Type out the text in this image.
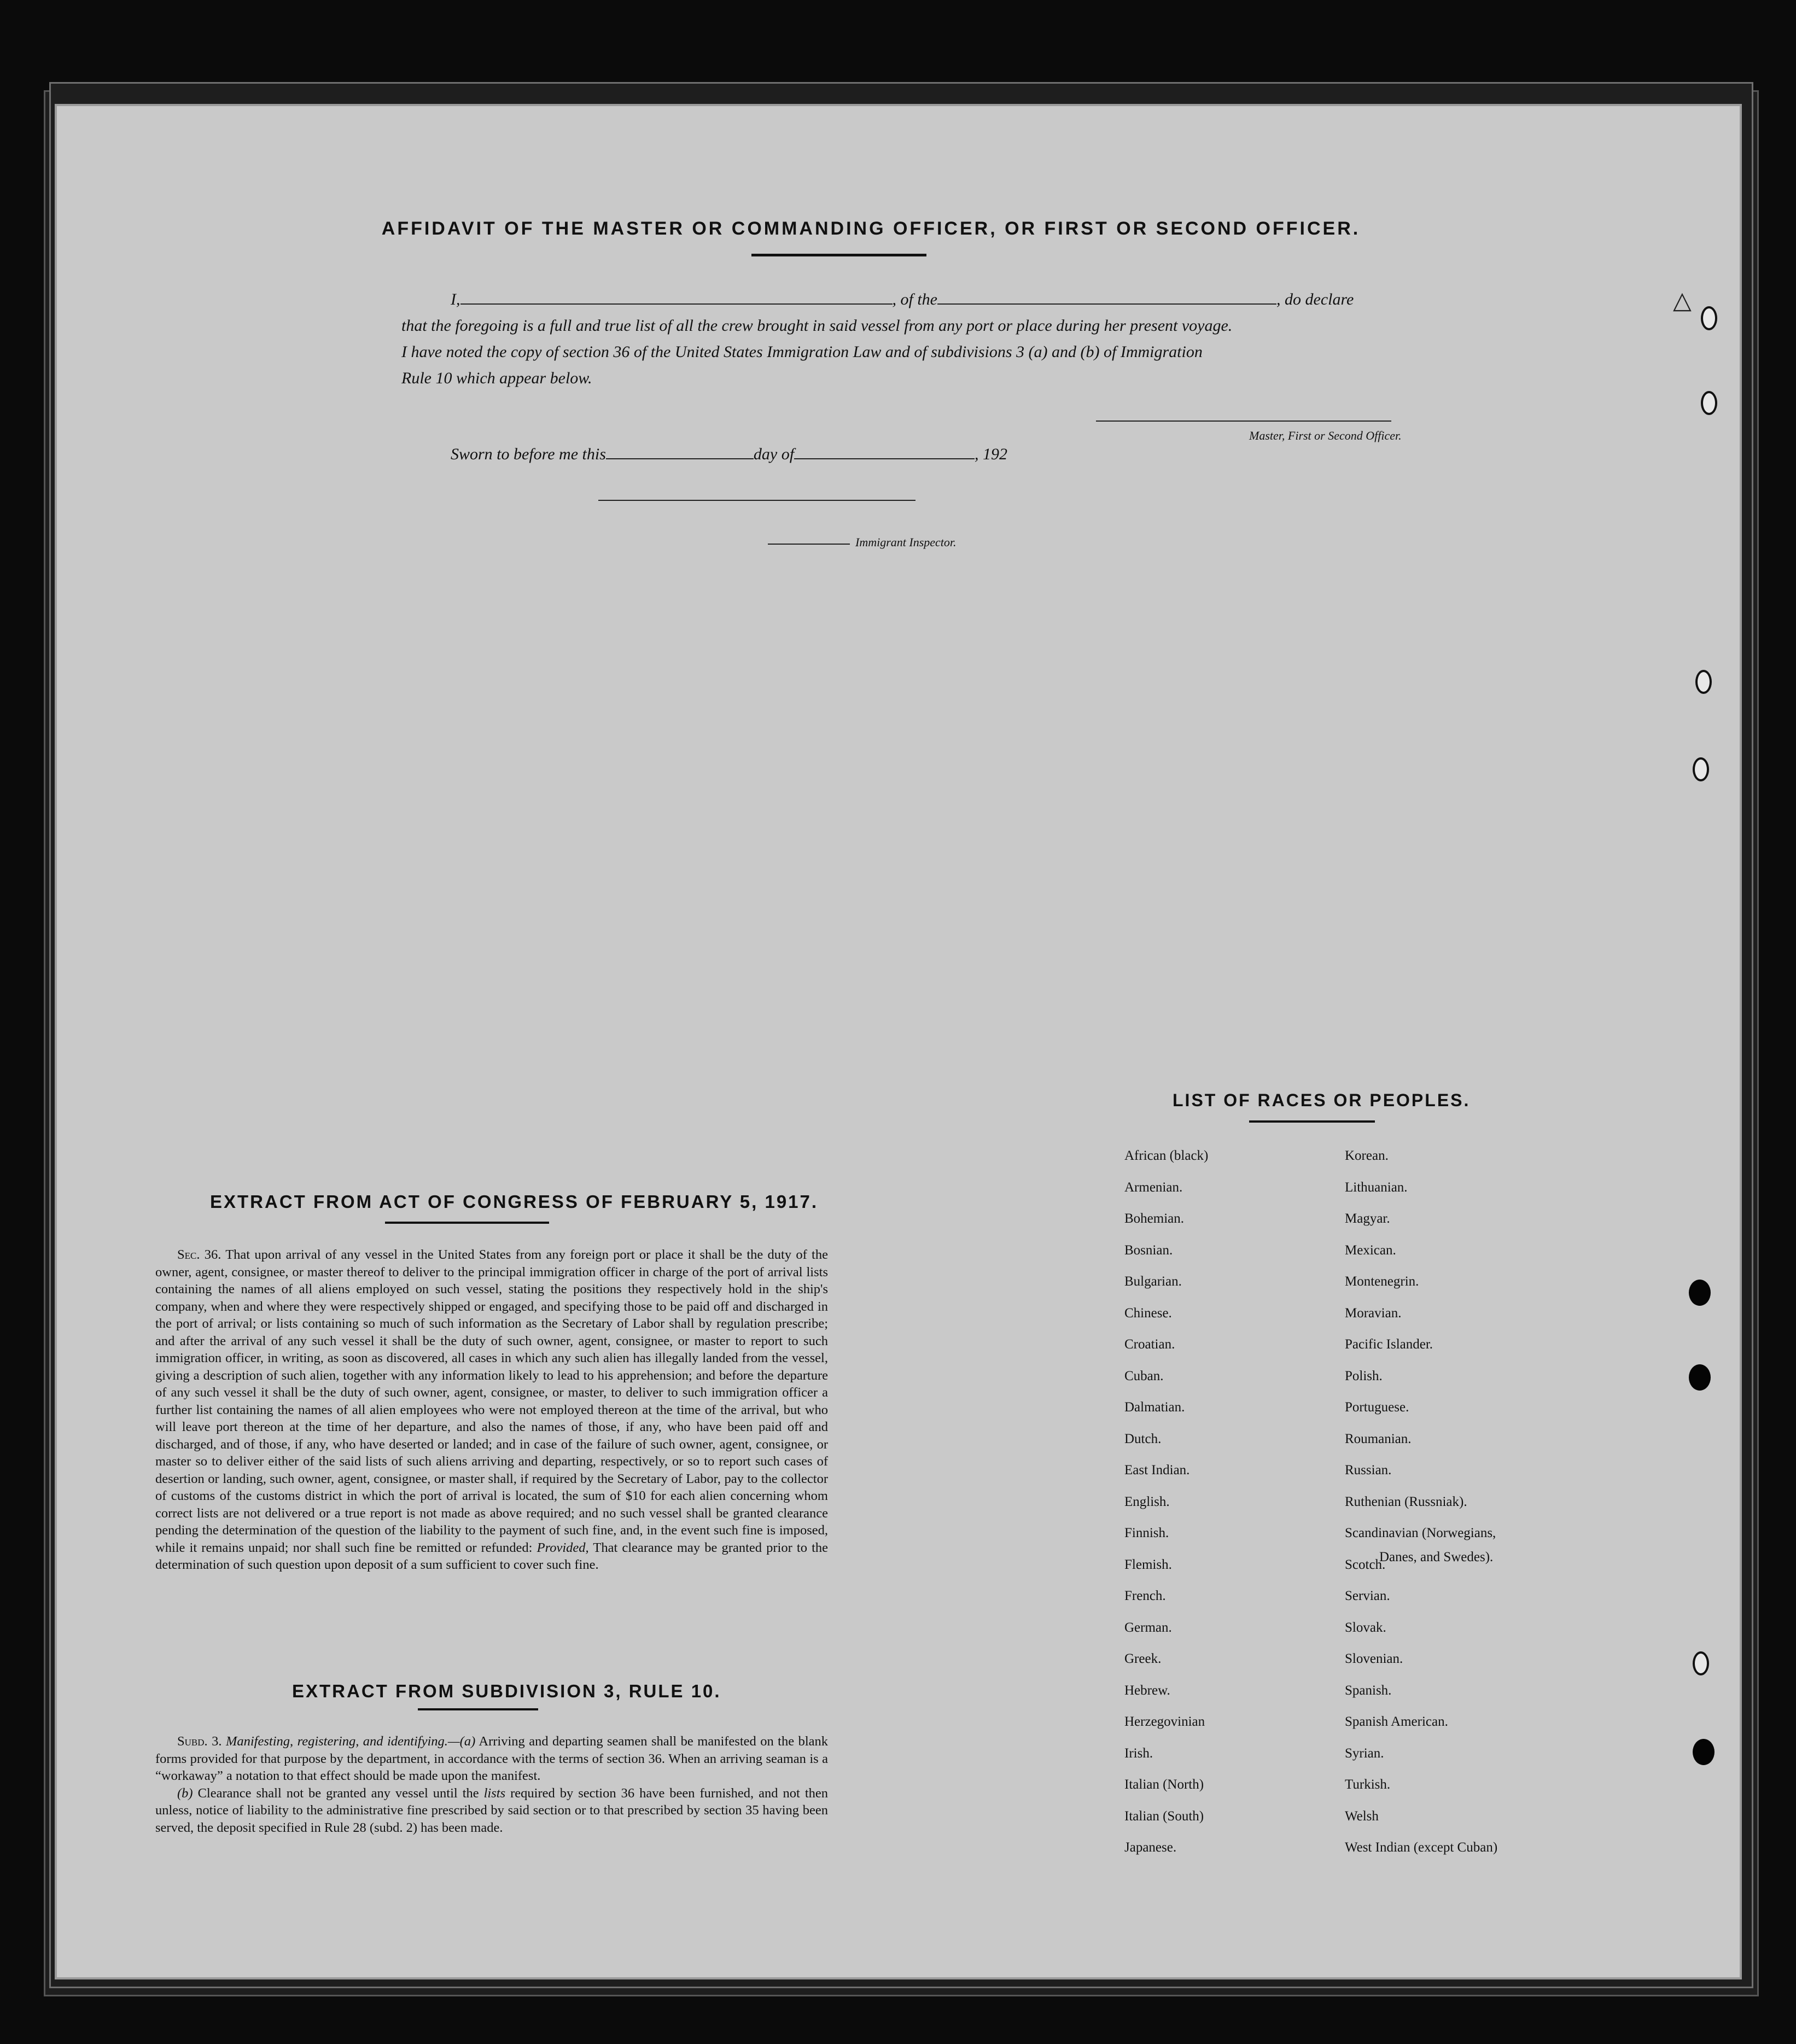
AFFIDAVIT OF THE MASTER OR COMMANDING OFFICER, OR FIRST OR SECOND OFFICER.
I,	, of the	, do declare
that the foregoing is a full and true list of all the crew brought in said vessel from any port or place during her present voyage.
I have noted the copy of section 36 of the United States Immigration Law and of subdivisions 3 (a) and (b) of Immigration
Rule 10 which appear below.
Master, First or Second Officer.
Sworn to before me this	day of	, 192
Immigrant Inspector.
EXTRACT FROM ACT OF CONGRESS OF FEBRUARY 5, 1917.

Sec. 36. That upon arrival of any vessel in the United States from any foreign port or place it shall be the duty of the owner, agent, consignee, or master thereof to deliver to the principal immigration officer in charge of the port of arrival lists containing the names of all aliens employed on such vessel, stating the positions they respectively hold in the ship's company, when and where they were respectively shipped or engaged, and specifying those to be paid off and discharged in the port of arrival; or lists containing so much of such information as the Secretary of Labor shall by regulation prescribe; and after the arrival of any such vessel it shall be the duty of such owner, agent, consignee, or master to report to such immigration officer, in writing, as soon as discovered, all cases in which any such alien has illegally landed from the vessel, giving a description of such alien, together with any information likely to lead to his apprehension; and before the departure of any such vessel it shall be the duty of such owner, agent, consignee, or master, to deliver to such immigration officer a further list containing the names of all alien employees who were not employed thereon at the time of the arrival, but who will leave port thereon at the time of her departure, and also the names of those, if any, who have been paid off and discharged, and of those, if any, who have deserted or landed; and in case of the failure of such owner, agent, consignee, or master so to deliver either of the said lists of such aliens arriving and departing, respectively, or so to report such cases of desertion or landing, such owner, agent, consignee, or master shall, if required by the Secretary of Labor, pay to the collector of customs of the customs district in which the port of arrival is located, the sum of $10 for each alien concerning whom correct lists are not delivered or a true report is not made as above required; and no such vessel shall be granted clearance pending the determination of the question of the liability to the payment of such fine, and, in the event such fine is imposed, while it remains unpaid; nor shall such fine be remitted or refunded: Provided, That clearance may be granted prior to the determination of such question upon deposit of a sum sufficient to cover such fine.

EXTRACT FROM SUBDIVISION 3, RULE 10.

Subd. 3. Manifesting, registering, and identifying.—(a) Arriving and departing seamen shall be manifested on the blank forms provided for that purpose by the department, in accordance with the terms of section 36. When an arriving seaman is a “workaway” a notation to that effect should be made upon the manifest.

(b) Clearance shall not be granted any vessel until the lists required by section 36 have been furnished, and not then unless, notice of liability to the administrative fine prescribed by said section or to that prescribed by section 35 having been served, the deposit specified in Rule 28 (subd. 2) has been made.

LIST OF RACES OR PEOPLES.
African (black)
Armenian.
Bohemian.
Bosnian.
Bulgarian.
Chinese.
Croatian.
Cuban.
Dalmatian.
Dutch.
East Indian.
English.
Finnish.
Flemish.
French.
German.
Greek.
Hebrew.
Herzegovinian
Irish.
Italian (North)
Italian (South)
Japanese.
Korean.
Lithuanian.
Magyar.
Mexican.
Montenegrin.
Moravian.
Pacific Islander.
Polish.
Portuguese.
Roumanian.
Russian.
Ruthenian (Russniak).
Scandinavian (Norwegians,
Scotch.
Servian.
Slovak.
Slovenian.
Spanish.
Spanish American.
Syrian.
Turkish.
Welsh
West Indian (except Cuban)
Danes, and Swedes).
△
